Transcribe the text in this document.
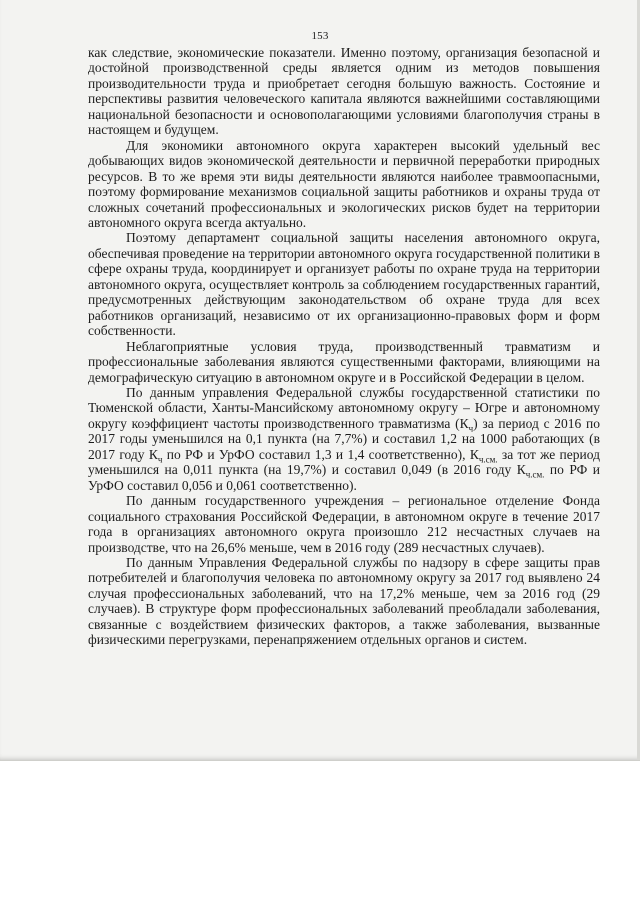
153

как следствие, экономические показатели. Именно поэтому, организация безопасной и достойной производственной среды является одним из методов повышения производительности труда и приобретает сегодня большую важность. Состояние и перспективы развития человеческого капитала являются важнейшими составляющими национальной безопасности и основополагающими условиями благополучия страны в настоящем и будущем.

Для экономики автономного округа характерен высокий удельный вес добывающих видов экономической деятельности и первичной переработки природных ресурсов. В то же время эти виды деятельности являются наиболее травмоопасными, поэтому формирование механизмов социальной защиты работников и охраны труда от сложных сочетаний профессиональных и экологических рисков будет на территории автономного округа всегда актуально.

Поэтому департамент социальной защиты населения автономного округа, обеспечивая проведение на территории автономного округа государственной политики в сфере охраны труда, координирует и организует работы по охране труда на территории автономного округа, осуществляет контроль за соблюдением государственных гарантий, предусмотренных действующим законодательством об охране труда для всех работников организаций, независимо от их организационно-правовых форм и форм собственности.

Неблагоприятные условия труда, производственный травматизм и профессиональные заболевания являются существенными факторами, влияющими на демографическую ситуацию в автономном округе и в Российской Федерации в целом.

По данным управления Федеральной службы государственной статистики по Тюменской области, Ханты-Мансийскому автономному округу – Югре и автономному округу коэффициент частоты производственного травматизма $(К_ч)$ за период с 2016 по 2017 годы уменьшился на 0,1 пункта (на 7,7%) и составил 1,2 на 1000 работающих (в 2017 году $К_ч$ по РФ и УрФО составил 1,3 и 1,4 соответственно), $К_{ч.см.}$ за тот же период уменьшился на 0,011 пункта (на 19,7%) и составил 0,049 (в 2016 году $К_{ч.см.}$ по РФ и УрФО составил 0,056 и 0,061 соответственно).

По данным государственного учреждения – региональное отделение Фонда социального страхования Российской Федерации, в автономном округе в течение 2017 года в организациях автономного округа произошло 212 несчастных случаев на производстве, что на 26,6% меньше, чем в 2016 году (289 несчастных случаев).

По данным Управления Федеральной службы по надзору в сфере защиты прав потребителей и благополучия человека по автономному округу за 2017 год выявлено 24 случая профессиональных заболеваний, что на 17,2% меньше, чем за 2016 год (29 случаев). В структуре форм профессиональных заболеваний преобладали заболевания, связанные с воздействием физических факторов, а также заболевания, вызванные физическими перегрузками, перенапряжением отдельных органов и систем.
